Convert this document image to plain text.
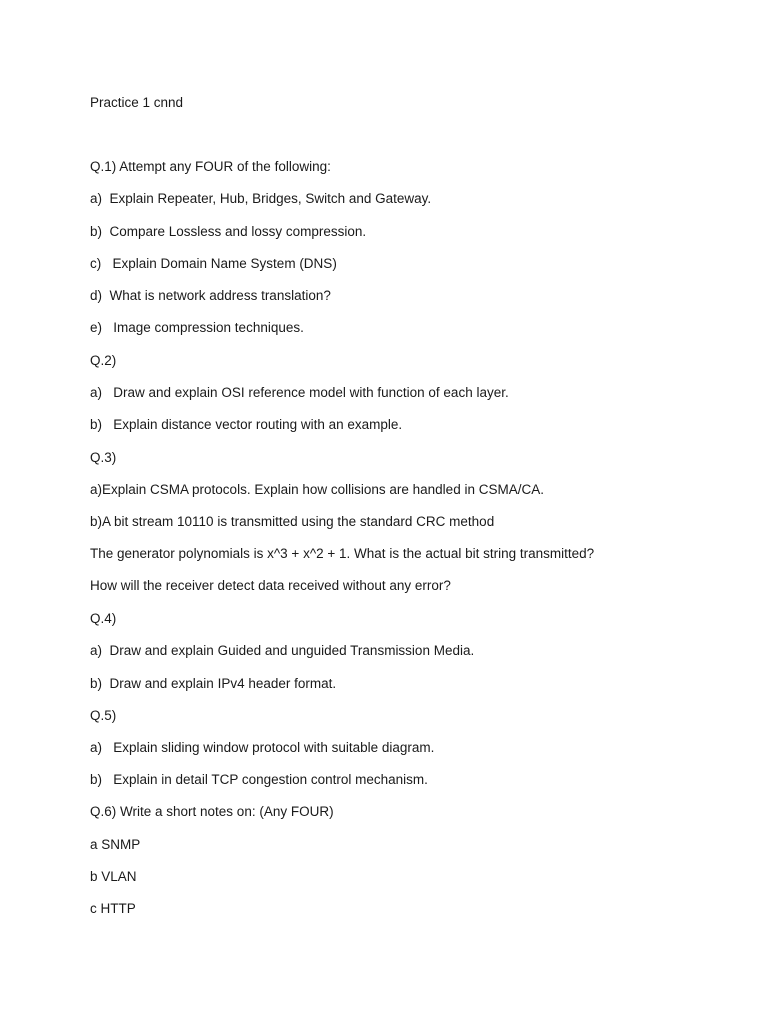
Practice 1 cnnd

Q.1) Attempt any FOUR of the following:

a)  Explain Repeater, Hub, Bridges, Switch and Gateway.

b)  Compare Lossless and lossy compression.

c)   Explain Domain Name System (DNS)

d)  What is network address translation?

e)   Image compression techniques.

Q.2)

a)   Draw and explain OSI reference model with function of each layer.

b)   Explain distance vector routing with an example.

Q.3)

a)Explain CSMA protocols. Explain how collisions are handled in CSMA/CA.

b)A bit stream 10110 is transmitted using the standard CRC method

The generator polynomials is x^3 + x^2 + 1. What is the actual bit string transmitted?

How will the receiver detect data received without any error?

Q.4)

a)  Draw and explain Guided and unguided Transmission Media.

b)  Draw and explain IPv4 header format.

Q.5)

a)   Explain sliding window protocol with suitable diagram.

b)   Explain in detail TCP congestion control mechanism.

Q.6) Write a short notes on: (Any FOUR)

a SNMP

b VLAN

c HTTP
